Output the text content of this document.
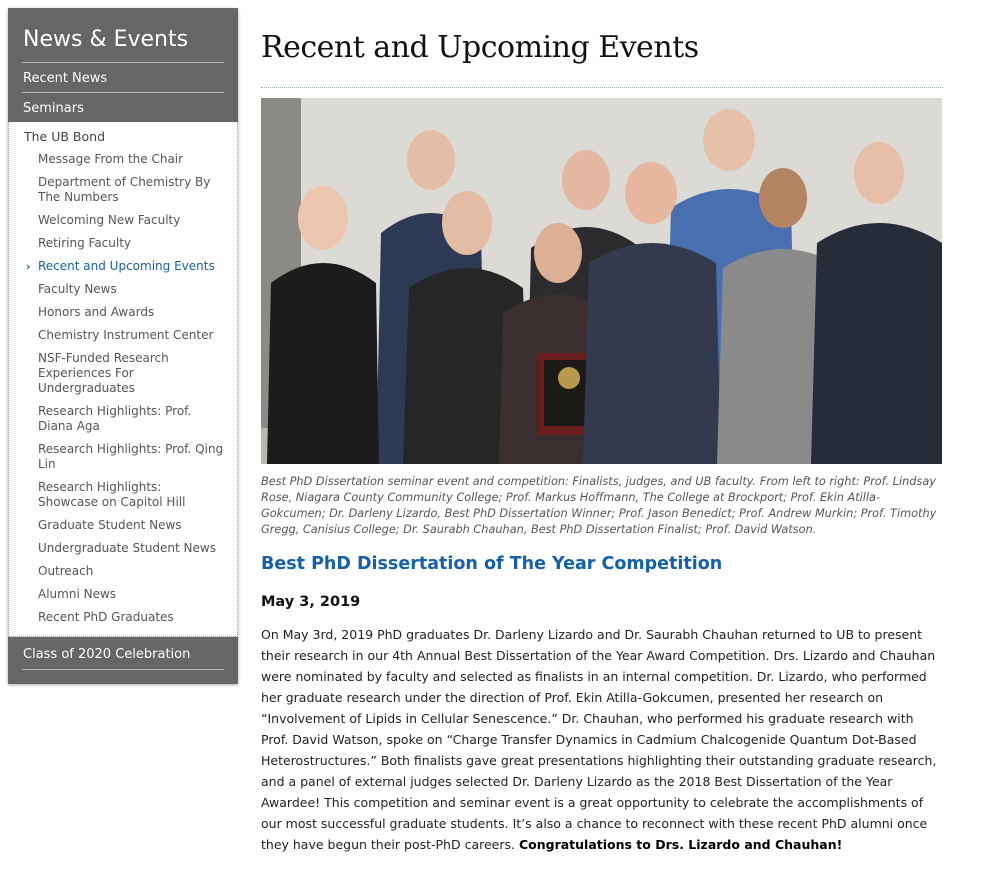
News & Events
Recent News
Seminars
The UB Bond
Message From the Chair
Department of Chemistry By The Numbers
Welcoming New Faculty
Retiring Faculty
› Recent and Upcoming Events
Faculty News
Honors and Awards
Chemistry Instrument Center
NSF-Funded Research Experiences For Undergraduates
Research Highlights: Prof. Diana Aga
Research Highlights: Prof. Qing Lin
Research Highlights: Showcase on Capitol Hill
Graduate Student News
Undergraduate Student News
Outreach
Alumni News
Recent PhD Graduates
Class of 2020 Celebration
Recent and Upcoming Events

Best PhD Dissertation seminar event and competition: Finalists, judges, and UB faculty. From left to right: Prof. Lindsay Rose, Niagara County Community College; Prof. Markus Hoffmann, The College at Brockport; Prof. Ekin Atilla-Gokcumen; Dr. Darleny Lizardo, Best PhD Dissertation Winner; Prof. Jason Benedict; Prof. Andrew Murkin; Prof. Timothy Gregg, Canisius College; Dr. Saurabh Chauhan, Best PhD Dissertation Finalist; Prof. David Watson.

Best PhD Dissertation of The Year Competition
May 3, 2019

On May 3rd, 2019 PhD graduates Dr. Darleny Lizardo and Dr. Saurabh Chauhan returned to UB to present their research in our 4th Annual Best Dissertation of the Year Award Competition. Drs. Lizardo and Chauhan were nominated by faculty and selected as finalists in an internal competition. Dr. Lizardo, who performed her graduate research under the direction of Prof. Ekin Atilla-Gokcumen, presented her research on “Involvement of Lipids in Cellular Senescence.” Dr. Chauhan, who performed his graduate research with Prof. David Watson, spoke on “Charge Transfer Dynamics in Cadmium Chalcogenide Quantum Dot-Based Heterostructures.” Both finalists gave great presentations highlighting their outstanding graduate research, and a panel of external judges selected Dr. Darleny Lizardo as the 2018 Best Dissertation of the Year Awardee! This competition and seminar event is a great opportunity to celebrate the accomplishments of our most successful graduate students. It’s also a chance to reconnect with these recent PhD alumni once they have begun their post-PhD careers. Congratulations to Drs. Lizardo and Chauhan!
